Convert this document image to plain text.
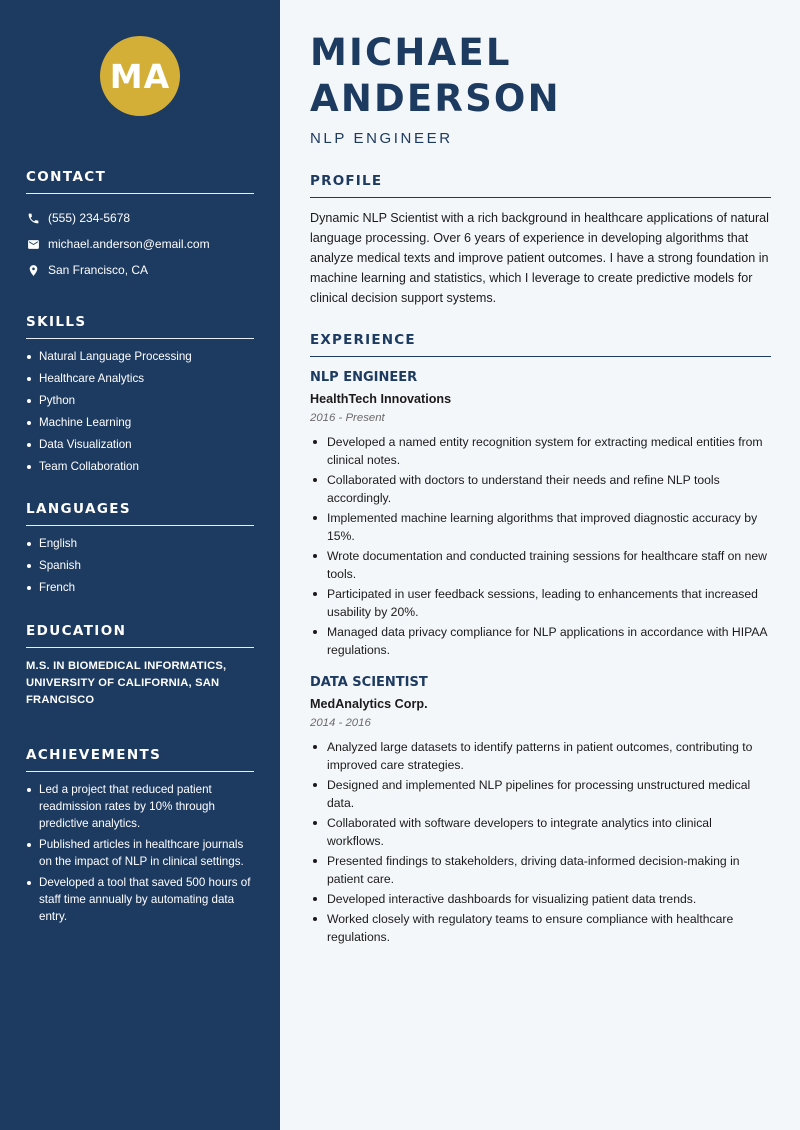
MA
CONTACT
(555) 234-5678
michael.anderson@email.com
San Francisco, CA
SKILLS
Natural Language Processing
Healthcare Analytics
Python
Machine Learning
Data Visualization
Team Collaboration
LANGUAGES
English
Spanish
French
EDUCATION

M.S. IN BIOMEDICAL INFORMATICS, UNIVERSITY OF CALIFORNIA, SAN FRANCISCO

ACHIEVEMENTS
Led a project that reduced patient readmission rates by 10% through predictive analytics.
Published articles in healthcare journals on the impact of NLP in clinical settings.
Developed a tool that saved 500 hours of staff time annually by automating data entry.
MICHAEL ANDERSON
NLP ENGINEER
PROFILE

Dynamic NLP Scientist with a rich background in healthcare applications of natural language processing. Over 6 years of experience in developing algorithms that analyze medical texts and improve patient outcomes. I have a strong foundation in machine learning and statistics, which I leverage to create predictive models for clinical decision support systems.

EXPERIENCE
NLP ENGINEER
HealthTech Innovations
2016 - Present
Developed a named entity recognition system for extracting medical entities from clinical notes.
Collaborated with doctors to understand their needs and refine NLP tools accordingly.
Implemented machine learning algorithms that improved diagnostic accuracy by 15%.
Wrote documentation and conducted training sessions for healthcare staff on new tools.
Participated in user feedback sessions, leading to enhancements that increased usability by 20%.
Managed data privacy compliance for NLP applications in accordance with HIPAA regulations.
DATA SCIENTIST
MedAnalytics Corp.
2014 - 2016
Analyzed large datasets to identify patterns in patient outcomes, contributing to improved care strategies.
Designed and implemented NLP pipelines for processing unstructured medical data.
Collaborated with software developers to integrate analytics into clinical workflows.
Presented findings to stakeholders, driving data-informed decision-making in patient care.
Developed interactive dashboards for visualizing patient data trends.
Worked closely with regulatory teams to ensure compliance with healthcare regulations.
